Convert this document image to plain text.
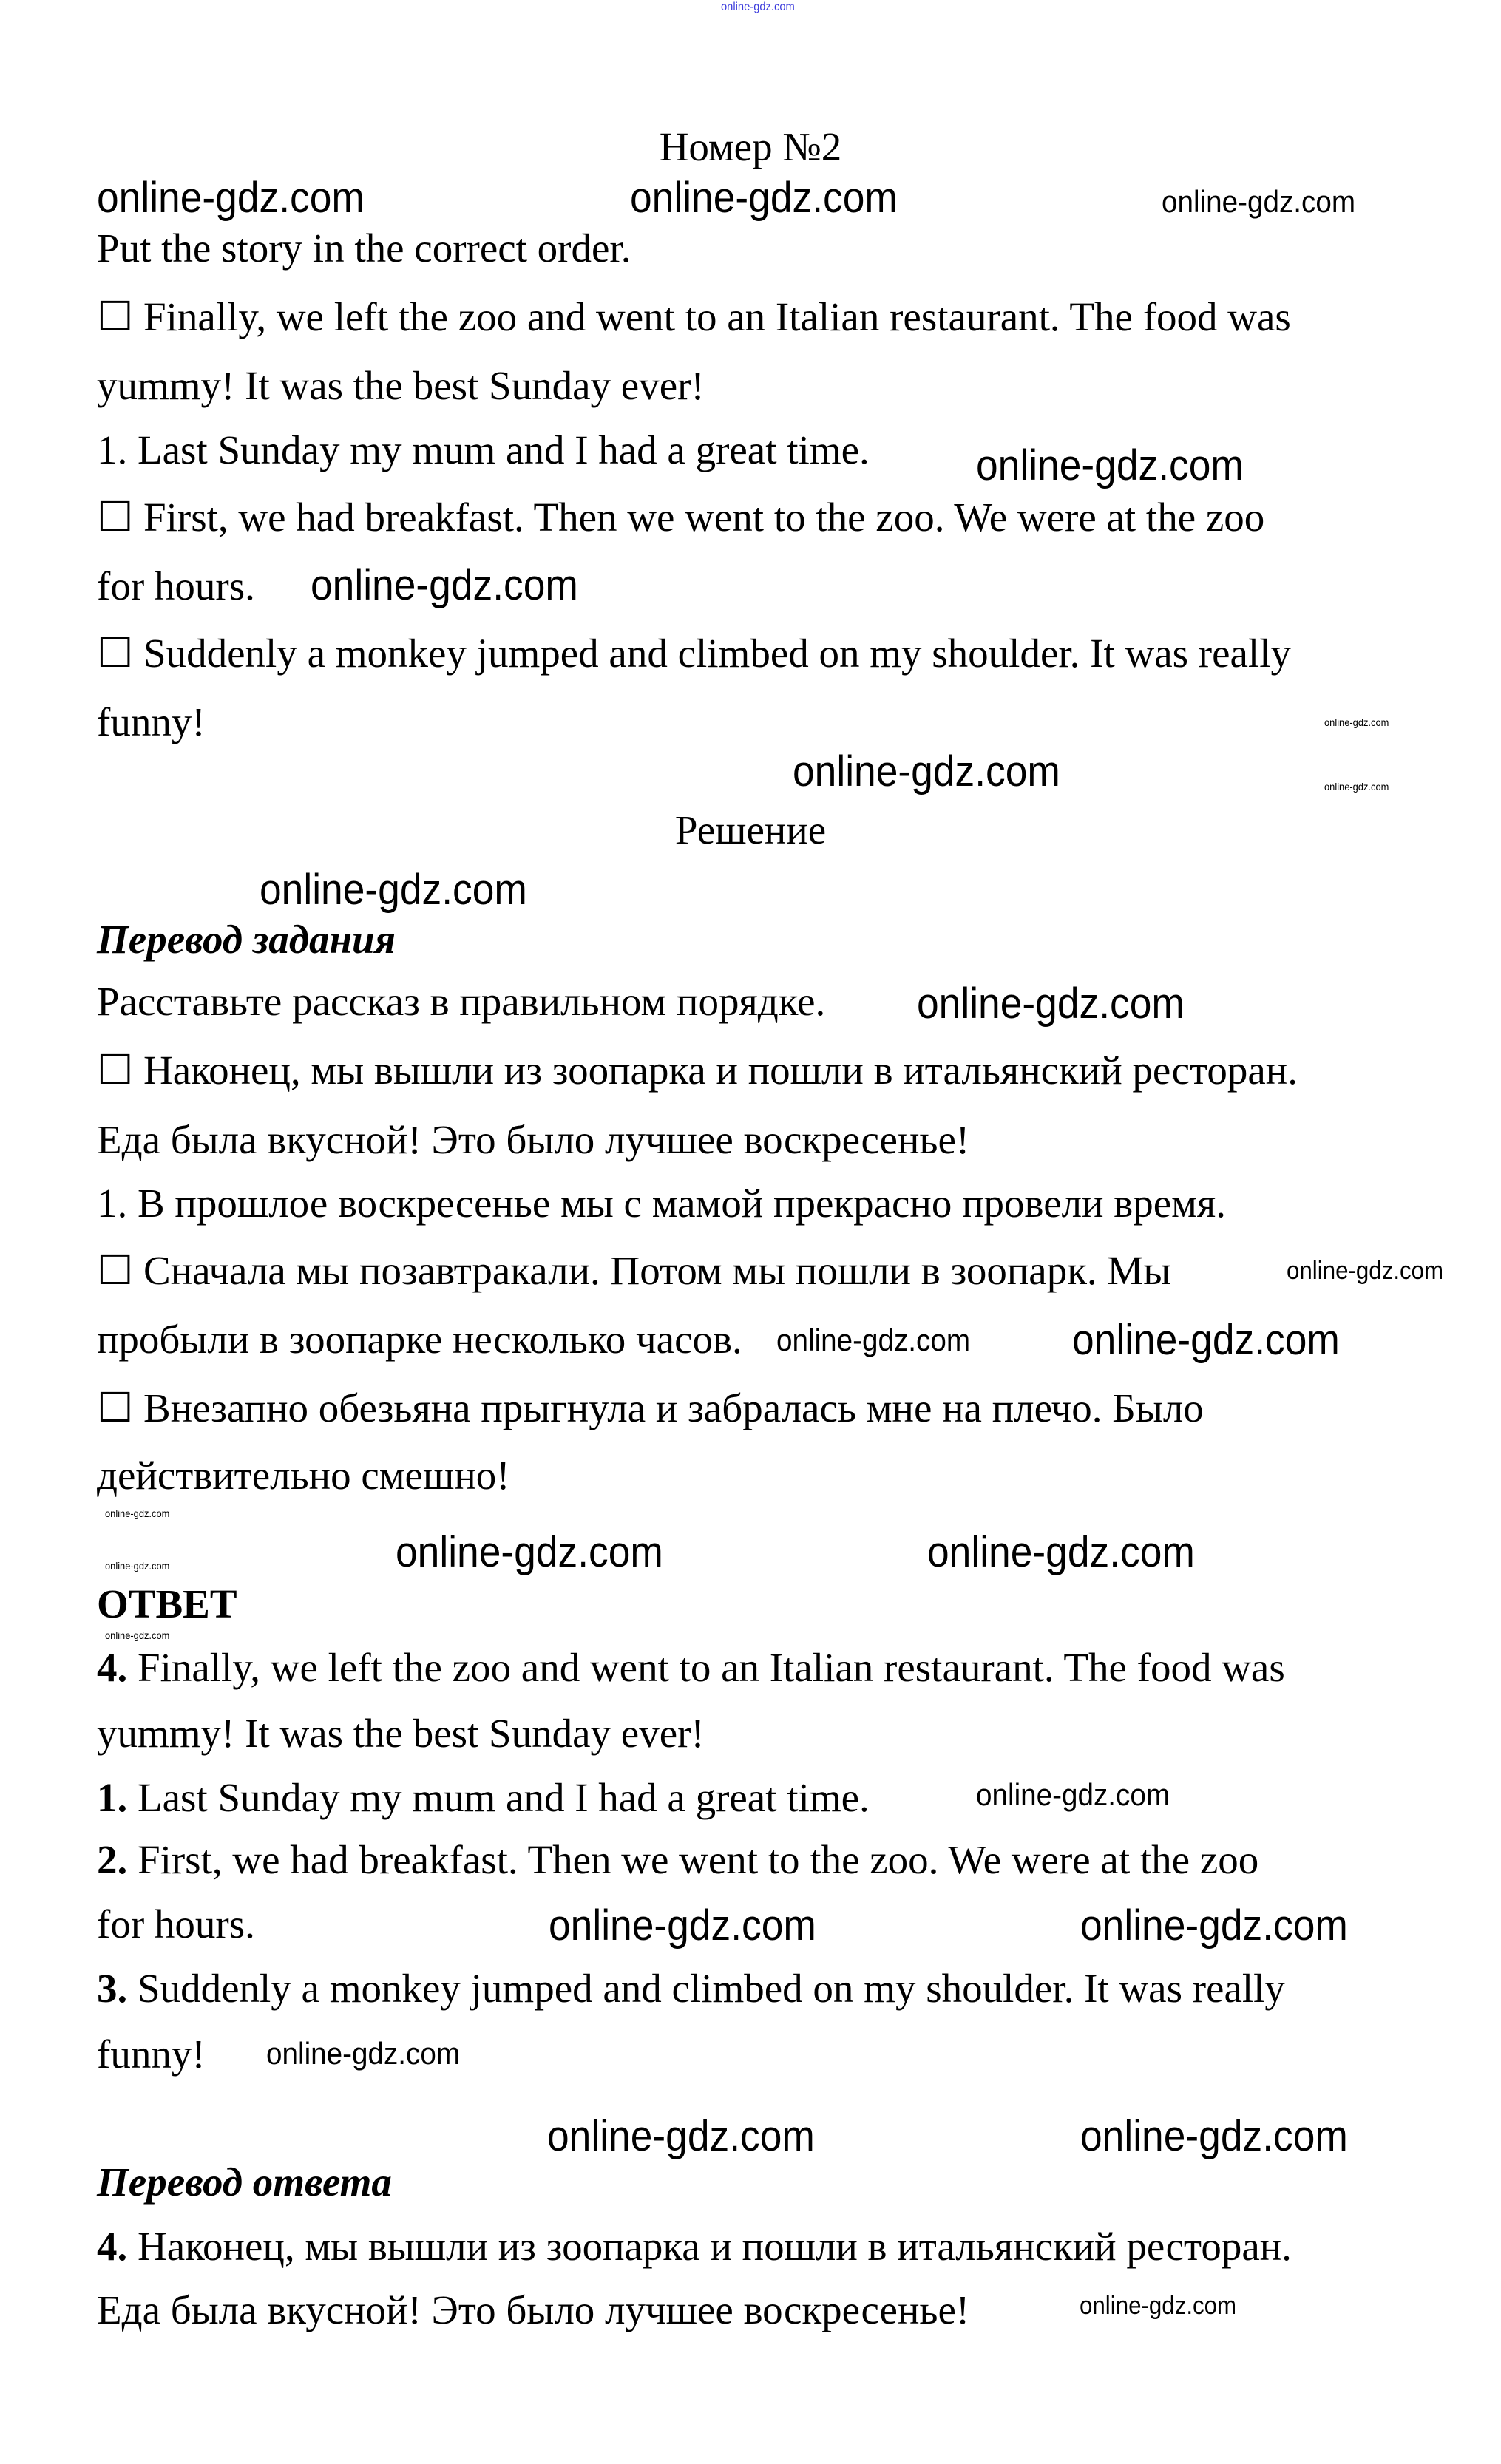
online-gdz.com
online-gdz.com	online-gdz.com	online-gdz.com
online-gdz.com
online-gdz.com
online-gdz.com
online-gdz.com
online-gdz.com
online-gdz.com
online-gdz.com
online-gdz.com online-gdz.com
online-gdz.com
online-gdz.com
online-gdz.com
online-gdz.com
online-gdz.com	online-gdz.com
online-gdz.com
online-gdz.com	online-gdz.com
online-gdz.com
online-gdz.com	online-gdz.com
online-gdz.com
Номер №2
Put the story in the correct order.
☐ Finally, we left the zoo and went to an Italian restaurant. The food was
yummy! It was the best Sunday ever!
1. Last Sunday my mum and I had a great time.
☐ First, we had breakfast. Then we went to the zoo. We were at the zoo
for hours.
☐ Suddenly a monkey jumped and climbed on my shoulder. It was really
funny!
Решение
Перевод задания
Расставьте рассказ в правильном порядке.
☐ Наконец, мы вышли из зоопарка и пошли в итальянский ресторан.
Еда была вкусной! Это было лучшее воскресенье!
1. В прошлое воскресенье мы с мамой прекрасно провели время.
☐ Сначала мы позавтракали. Потом мы пошли в зоопарк. Мы
пробыли в зоопарке несколько часов.
☐ Внезапно обезьяна прыгнула и забралась мне на плечо. Было
действительно смешно!
ОТВЕТ
4. Finally, we left the zoo and went to an Italian restaurant. The food was
yummy! It was the best Sunday ever!
1. Last Sunday my mum and I had a great time.
2. First, we had breakfast. Then we went to the zoo. We were at the zoo
for hours.
3. Suddenly a monkey jumped and climbed on my shoulder. It was really
funny!
Перевод ответа
4. Наконец, мы вышли из зоопарка и пошли в итальянский ресторан.
Еда была вкусной! Это было лучшее воскресенье!
